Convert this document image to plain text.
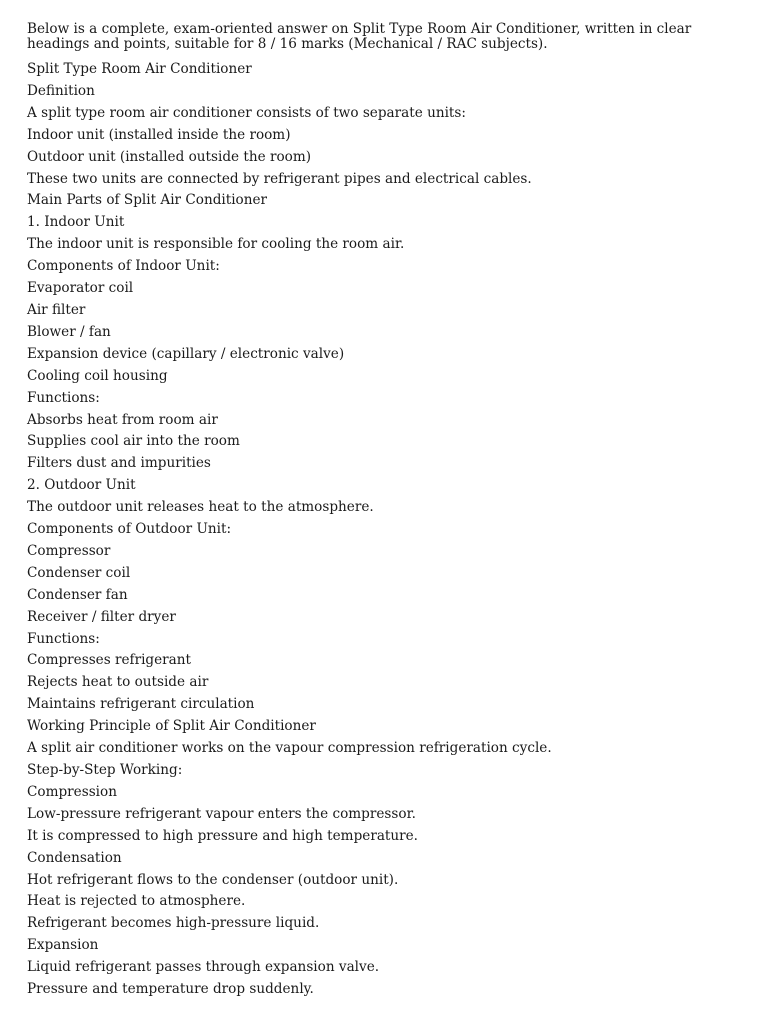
Below is a complete, exam-oriented answer on Split Type Room Air Conditioner, written in clear headings and points, suitable for 8 / 16 marks (Mechanical / RAC subjects).

Split Type Room Air Conditioner

Definition

A split type room air conditioner consists of two separate units:

Indoor unit (installed inside the room)

Outdoor unit (installed outside the room)

These two units are connected by refrigerant pipes and electrical cables.

Main Parts of Split Air Conditioner

1. Indoor Unit

The indoor unit is responsible for cooling the room air.

Components of Indoor Unit:

Evaporator coil

Air filter

Blower / fan

Expansion device (capillary / electronic valve)

Cooling coil housing

Functions:

Absorbs heat from room air

Supplies cool air into the room

Filters dust and impurities

2. Outdoor Unit

The outdoor unit releases heat to the atmosphere.

Components of Outdoor Unit:

Compressor

Condenser coil

Condenser fan

Receiver / filter dryer

Functions:

Compresses refrigerant

Rejects heat to outside air

Maintains refrigerant circulation

Working Principle of Split Air Conditioner

A split air conditioner works on the vapour compression refrigeration cycle.

Step-by-Step Working:

Compression

Low-pressure refrigerant vapour enters the compressor.

It is compressed to high pressure and high temperature.

Condensation

Hot refrigerant flows to the condenser (outdoor unit).

Heat is rejected to atmosphere.

Refrigerant becomes high-pressure liquid.

Expansion

Liquid refrigerant passes through expansion valve.

Pressure and temperature drop suddenly.
